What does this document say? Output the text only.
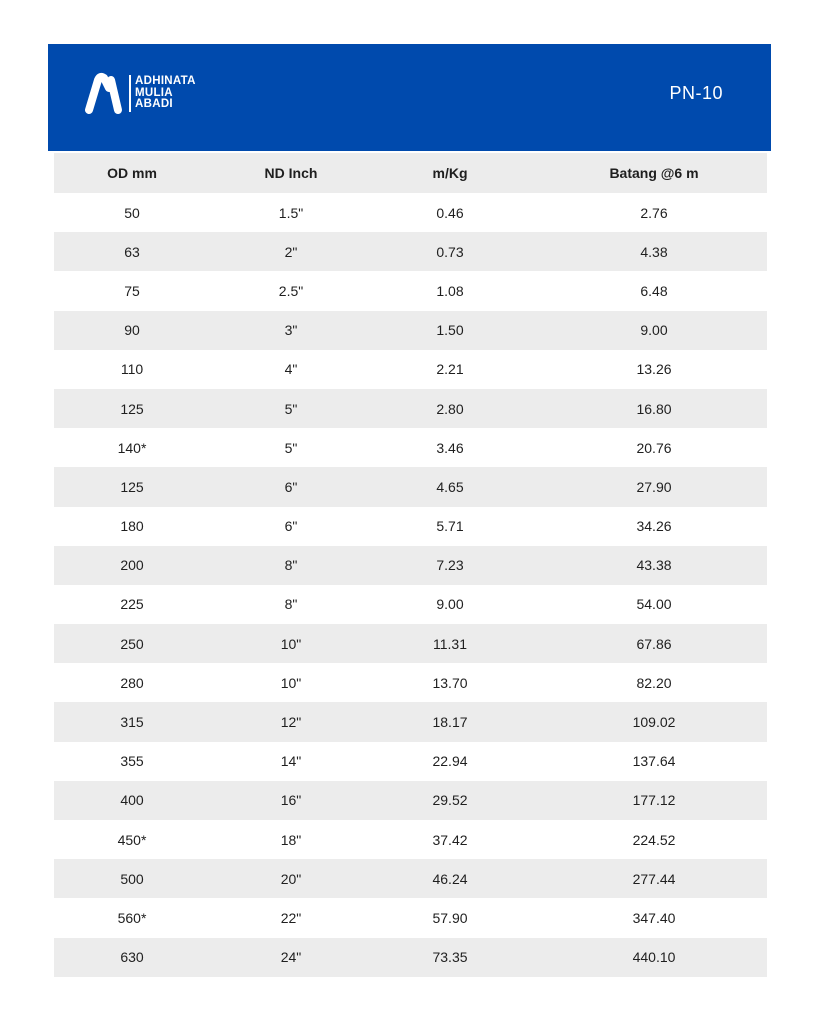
ADHINATA
MULIA
ABADI
PN-10
OD mm	ND Inch	m/Kg	Batang @6 m
50	1.5"	0.46	2.76
63	2"	0.73	4.38
75	2.5"	1.08	6.48
90	3"	1.50	9.00
110	4"	2.21	13.26
125	5"	2.80	16.80
140*	5"	3.46	20.76
125	6"	4.65	27.90
180	6"	5.71	34.26
200	8"	7.23	43.38
225	8"	9.00	54.00
250	10"	11.31	67.86
280	10"	13.70	82.20
315	12"	18.17	109.02
355	14"	22.94	137.64
400	16"	29.52	177.12
450*	18"	37.42	224.52
500	20"	46.24	277.44
560*	22"	57.90	347.40
630	24"	73.35	440.10
